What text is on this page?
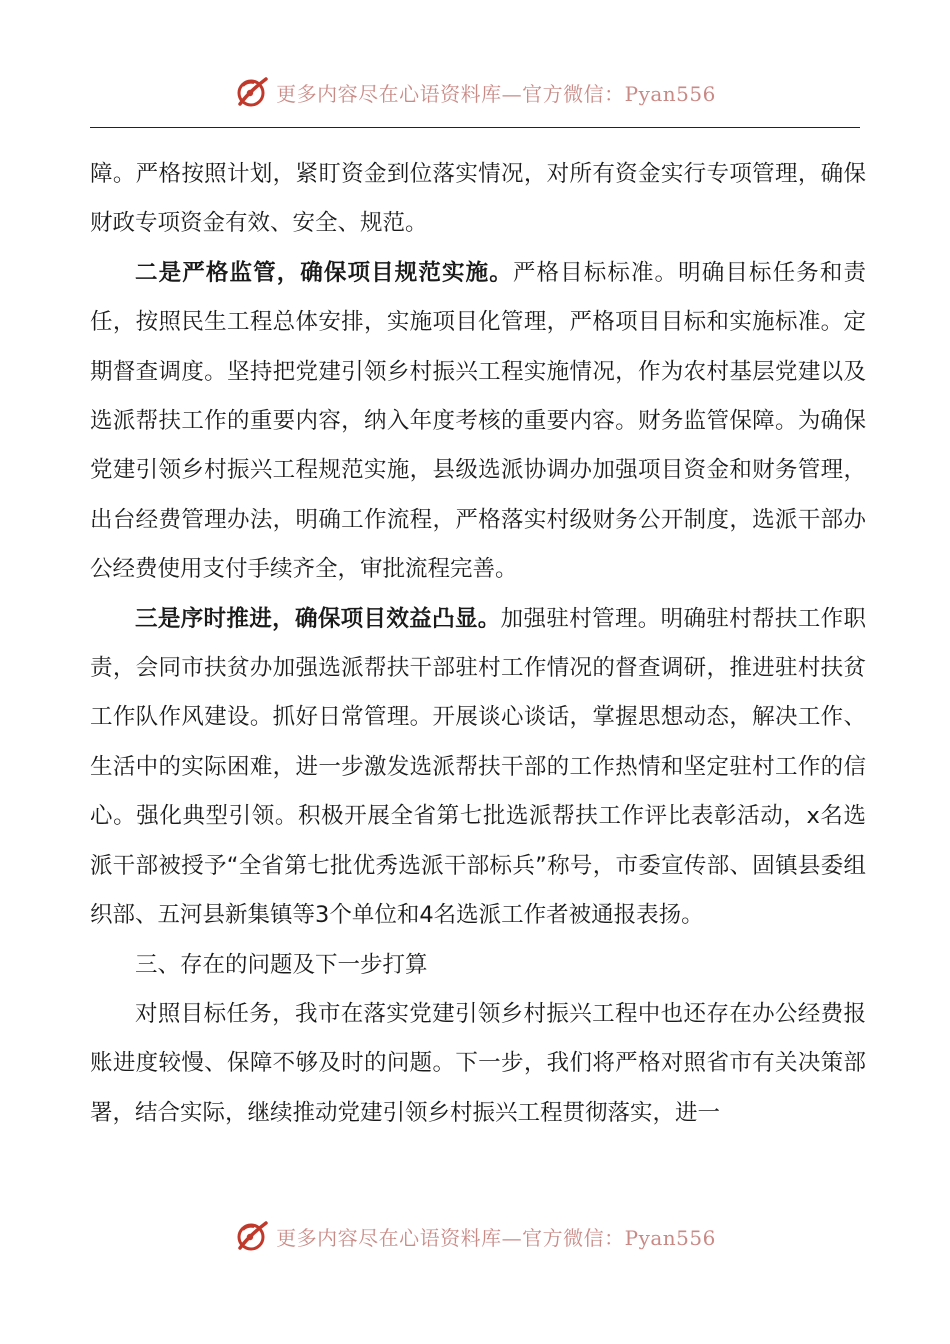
更多内容尽在心语资料库—官方微信：Pyan556

障。严格按照计划，紧盯资金到位落实情况，对所有资金实行专项管理，确保财政专项资金有效、安全、规范。

二是严格监管，确保项目规范实施。严格目标标准。明确目标任务和责任，按照民生工程总体安排，实施项目化管理，严格项目目标和实施标准。定期督查调度。坚持把党建引领乡村振兴工程实施情况，作为农村基层党建以及选派帮扶工作的重要内容，纳入年度考核的重要内容。财务监管保障。为确保党建引领乡村振兴工程规范实施，县级选派协调办加强项目资金和财务管理，出台经费管理办法，明确工作流程，严格落实村级财务公开制度，选派干部办公经费使用支付手续齐全，审批流程完善。

三是序时推进，确保项目效益凸显。加强驻村管理。明确驻村帮扶工作职责，会同市扶贫办加强选派帮扶干部驻村工作情况的督查调研，推进驻村扶贫工作队作风建设。抓好日常管理。开展谈心谈话，掌握思想动态，解决工作、生活中的实际困难，进一步激发选派帮扶干部的工作热情和坚定驻村工作的信心。强化典型引领。积极开展全省第七批选派帮扶工作评比表彰活动，x名选派干部被授予“全省第七批优秀选派干部标兵”称号，市委宣传部、固镇县委组织部、五河县新集镇等3个单位和4名选派工作者被通报表扬。

三、存在的问题及下一步打算

对照目标任务，我市在落实党建引领乡村振兴工程中也还存在办公经费报账进度较慢、保障不够及时的问题。下一步，我们将严格对照省市有关决策部署，结合实际，继续推动党建引领乡村振兴工程贯彻落实，进一

更多内容尽在心语资料库—官方微信：Pyan556
